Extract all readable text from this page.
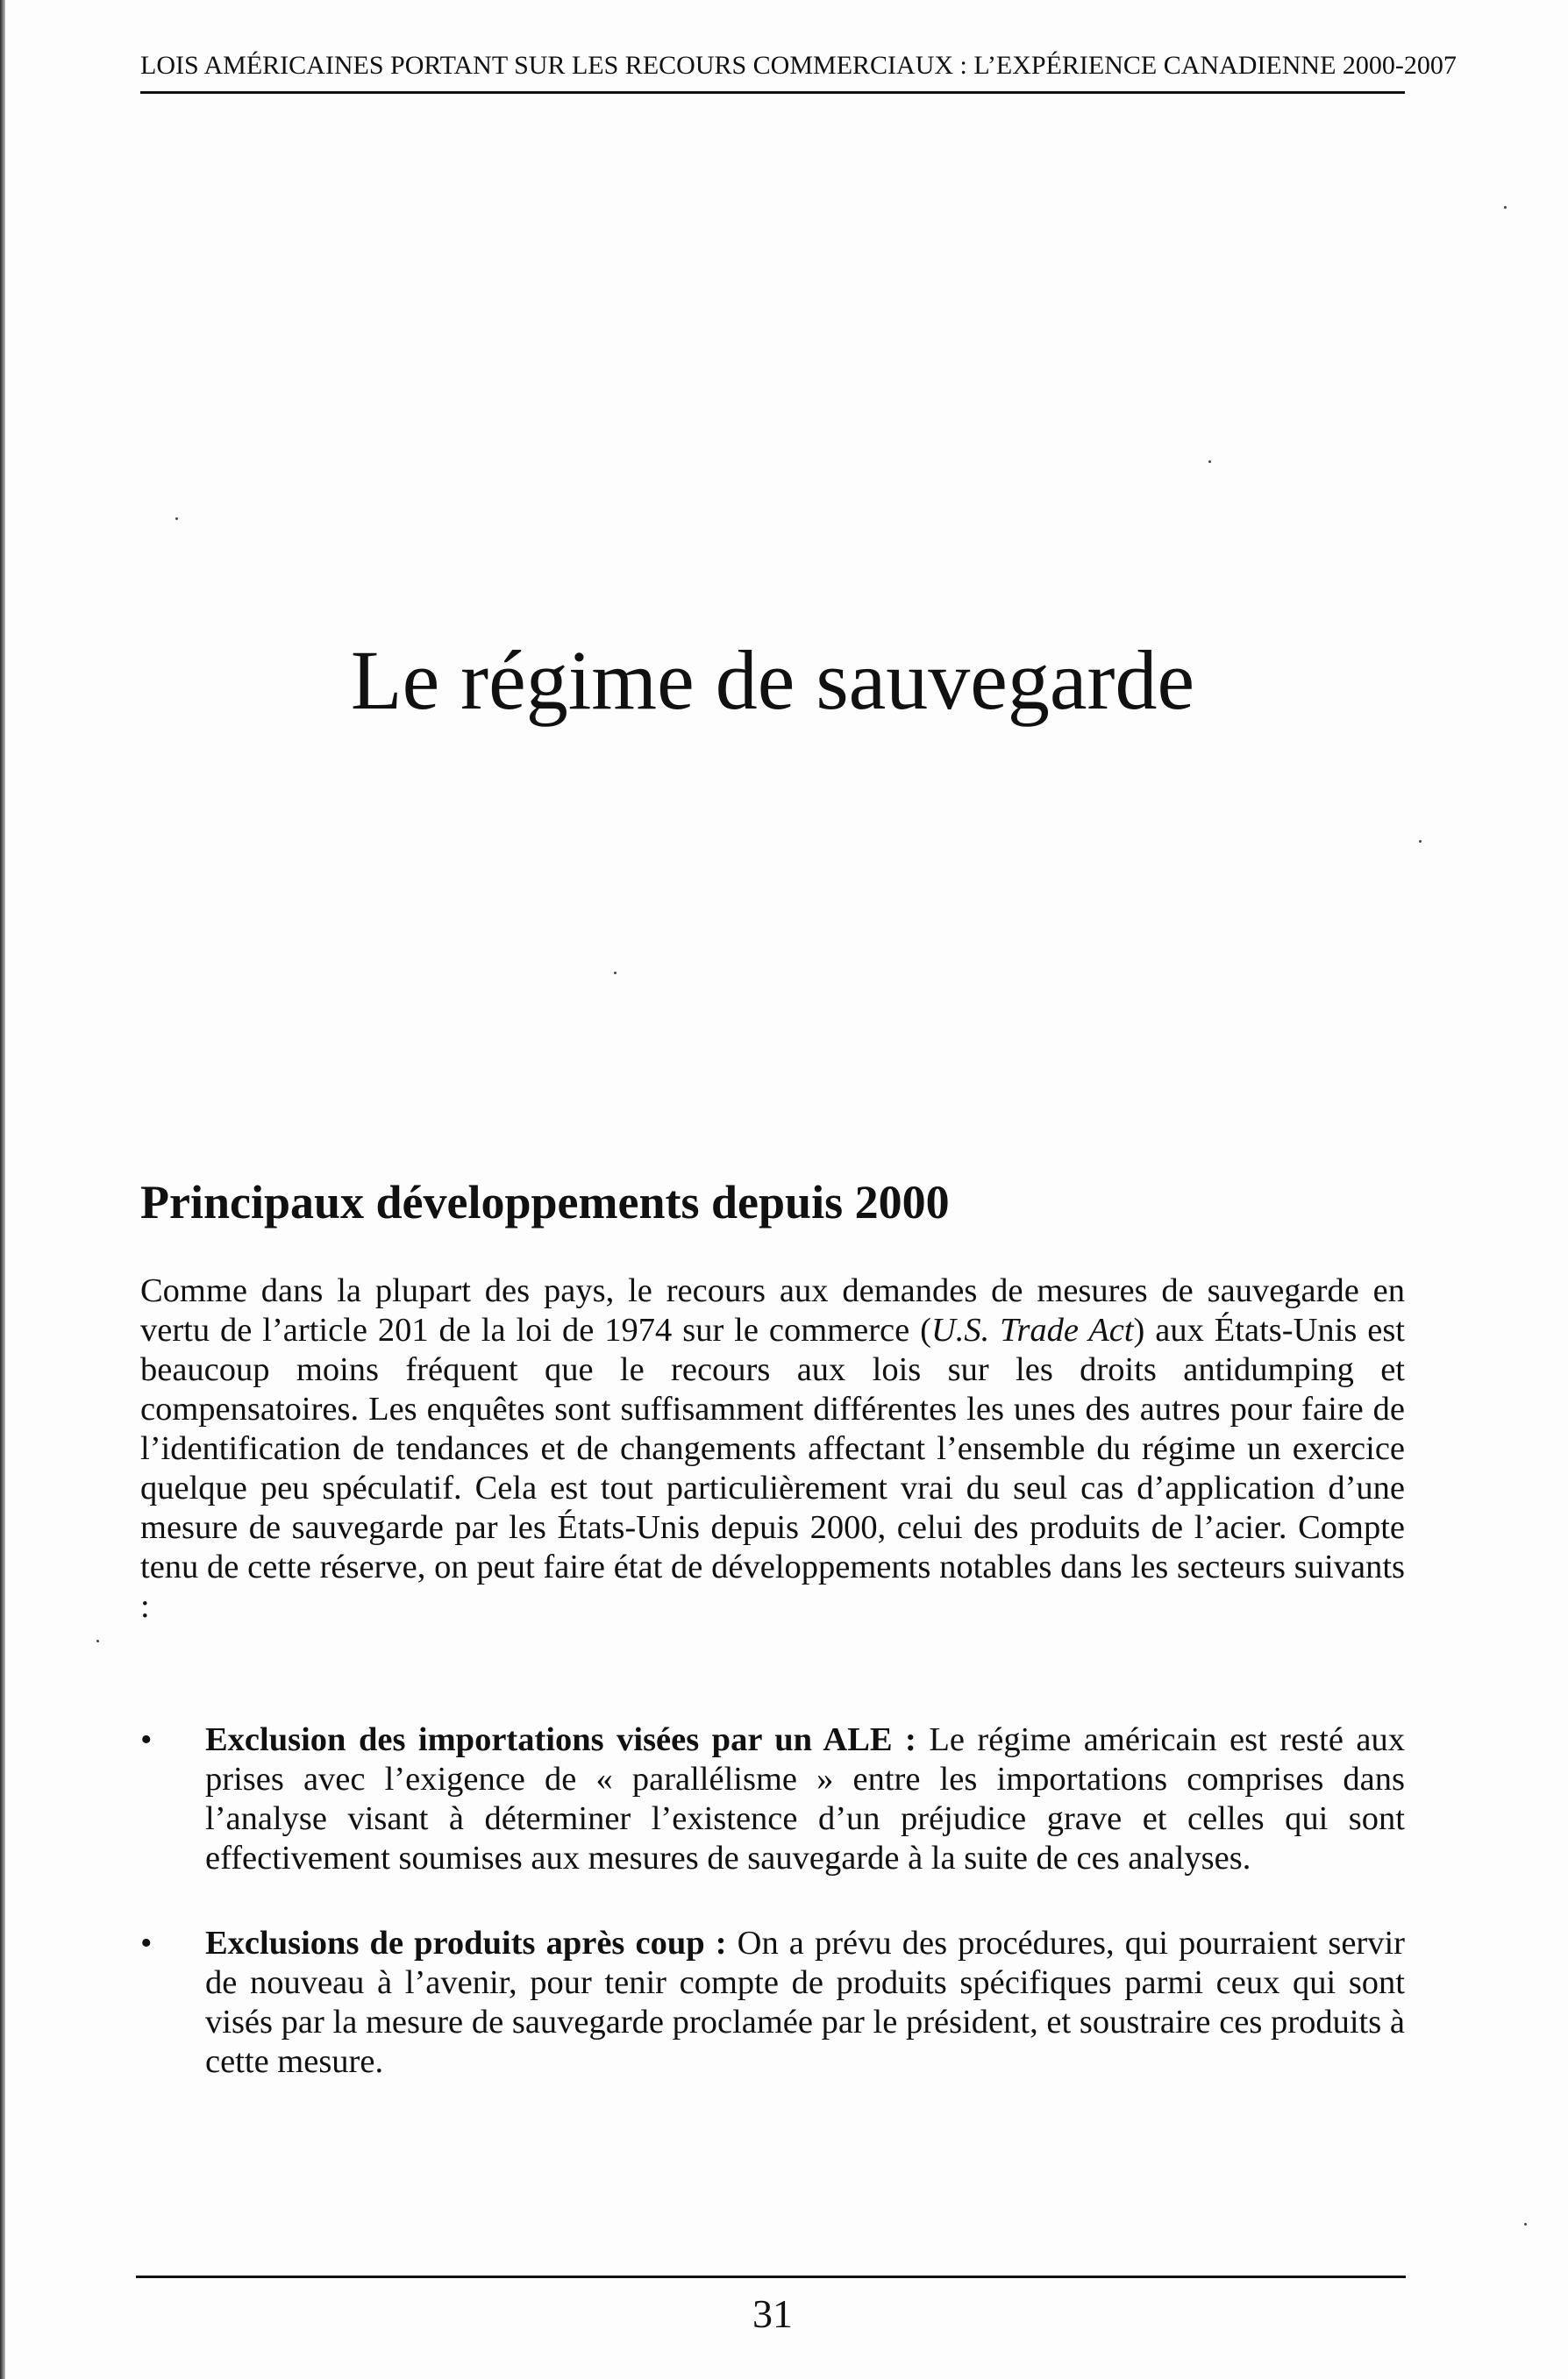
LOIS AMÉRICAINES PORTANT SUR LES RECOURS COMMERCIAUX : L’EXPÉRIENCE CANADIENNE 2000-2007
Le régime de sauvegarde
Principaux développements depuis 2000

Comme dans la plupart des pays, le recours aux demandes de mesures de sauvegarde en vertu de l’article 201 de la loi de 1974 sur le commerce (U.S. Trade Act) aux États-Unis est beaucoup moins fréquent que le recours aux lois sur les droits antidumping et compensatoires. Les enquêtes sont suffisamment différentes les unes des autres pour faire de l’identification de tendances et de changements affectant l’ensemble du régime un exercice quelque peu spéculatif. Cela est tout particulièrement vrai du seul cas d’application d’une mesure de sauvegarde par les États-Unis depuis 2000, celui des produits de l’acier. Compte tenu de cette réserve, on peut faire état de développements notables dans les secteurs suivants :

• Exclusion des importations visées par un ALE : Le régime américain est resté aux prises avec l’exigence de « parallélisme » entre les importations comprises dans l’analyse visant à déterminer l’existence d’un préjudice grave et celles qui sont effectivement soumises aux mesures de sauvegarde à la suite de ces analyses.
• Exclusions de produits après coup : On a prévu des procédures, qui pourraient servir de nouveau à l’avenir, pour tenir compte de produits spécifiques parmi ceux qui sont visés par la mesure de sauvegarde proclamée par le président, et soustraire ces produits à cette mesure.
31
